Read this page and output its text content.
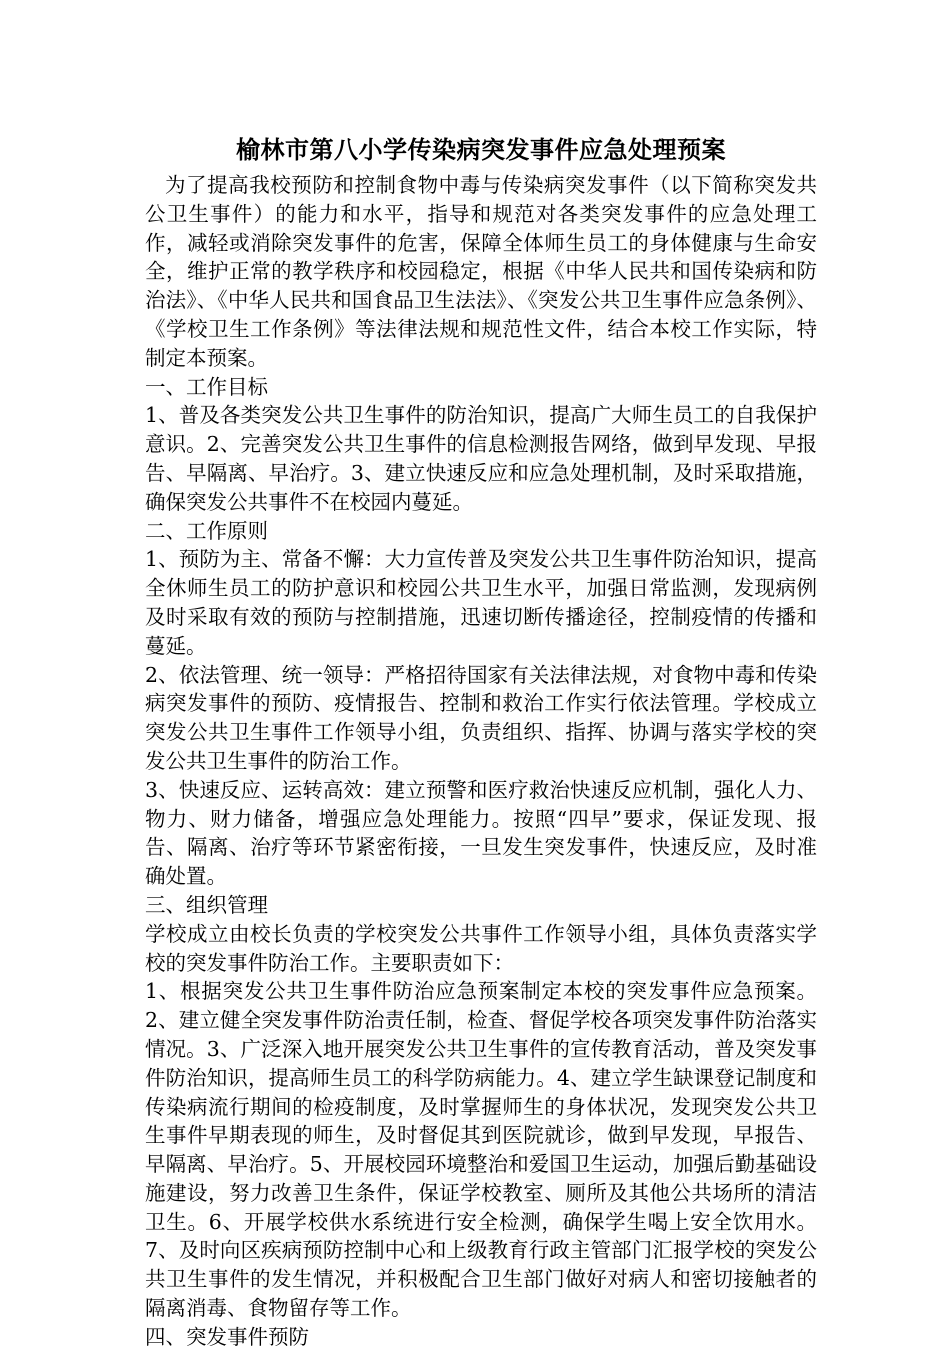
榆林市第八小学传染病突发事件应急处理预案

为了提高我校预防和控制食物中毒与传染病突发事件（以下简称突发共公卫生事件）的能力和水平，指导和规范对各类突发事件的应急处理工作，减轻或消除突发事件的危害，保障全体师生员工的身体健康与生命安全，维护正常的教学秩序和校园稳定，根据《中华人民共和国传染病和防治法》、《中华人民共和国食品卫生法法》、《突发公共卫生事件应急条例》、《学校卫生工作条例》等法律法规和规范性文件，结合本校工作实际，特制定本预案。

一、工作目标

1、普及各类突发公共卫生事件的防治知识，提高广大师生员工的自我保护意识。2、完善突发公共卫生事件的信息检测报告网络，做到早发现、早报告、早隔离、早治疗。3、建立快速反应和应急处理机制，及时采取措施，确保突发公共事件不在校园内蔓延。

二、工作原则

1、预防为主、常备不懈：大力宣传普及突发公共卫生事件防治知识，提高全休师生员工的防护意识和校园公共卫生水平，加强日常监测，发现病例及时采取有效的预防与控制措施，迅速切断传播途径，控制疫情的传播和蔓延。

2、依法管理、统一领导：严格招待国家有关法律法规，对食物中毒和传染病突发事件的预防、疫情报告、控制和救治工作实行依法管理。学校成立突发公共卫生事件工作领导小组，负责组织、指挥、协调与落实学校的突发公共卫生事件的防治工作。

3、快速反应、运转高效：建立预警和医疗救治快速反应机制，强化人力、物力、财力储备，增强应急处理能力。按照“四早”要求，保证发现、报告、隔离、治疗等环节紧密衔接，一旦发生突发事件，快速反应，及时准确处置。

三、组织管理

学校成立由校长负责的学校突发公共事件工作领导小组，具体负责落实学校的突发事件防治工作。主要职责如下：

1、根据突发公共卫生事件防治应急预案制定本校的突发事件应急预案。2、建立健全突发事件防治责任制，检查、督促学校各项突发事件防治落实情况。3、广泛深入地开展突发公共卫生事件的宣传教育活动，普及突发事件防治知识，提高师生员工的科学防病能力。4、建立学生缺课登记制度和传染病流行期间的检疫制度，及时掌握师生的身体状况，发现突发公共卫生事件早期表现的师生，及时督促其到医院就诊，做到早发现，早报告、早隔离、早治疗。5、开展校园环境整治和爱国卫生运动，加强后勤基础设施建设，努力改善卫生条件，保证学校教室、厕所及其他公共场所的清洁卫生。6、开展学校供水系统进行安全检测，确保学生喝上安全饮用水。7、及时向区疾病预防控制中心和上级教育行政主管部门汇报学校的突发公共卫生事件的发生情况，并积极配合卫生部门做好对病人和密切接触者的隔离消毒、食物留存等工作。

四、突发事件预防
